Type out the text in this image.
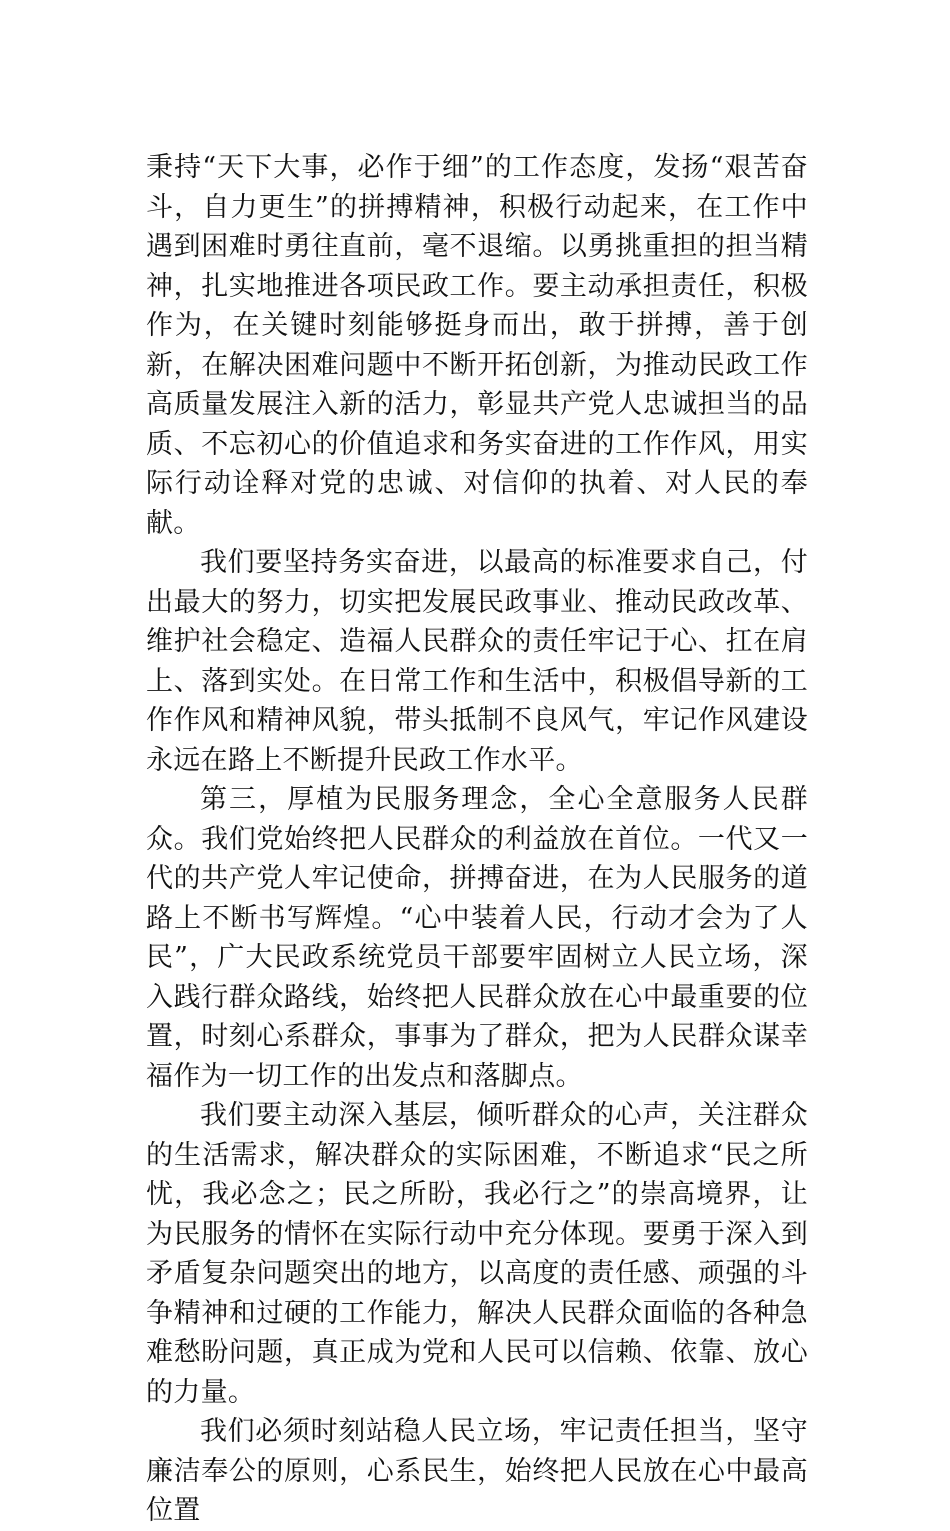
秉持“天下大事，必作于细”的工作态度，发扬“艰苦奋斗，自力更生”的拼搏精神，积极行动起来，在工作中遇到困难时勇往直前，毫不退缩。以勇挑重担的担当精神，扎实地推进各项民政工作。要主动承担责任，积极作为，在关键时刻能够挺身而出，敢于拼搏，善于创新，在解决困难问题中不断开拓创新，为推动民政工作高质量发展注入新的活力，彰显共产党人忠诚担当的品质、不忘初心的价值追求和务实奋进的工作作风，用实际行动诠释对党的忠诚、对信仰的执着、对人民的奉献。

我们要坚持务实奋进，以最高的标准要求自己，付出最大的努力，切实把发展民政事业、推动民政改革、维护社会稳定、造福人民群众的责任牢记于心、扛在肩上、落到实处。在日常工作和生活中，积极倡导新的工作作风和精神风貌，带头抵制不良风气，牢记作风建设永远在路上不断提升民政工作水平。

第三，厚植为民服务理念，全心全意服务人民群众。我们党始终把人民群众的利益放在首位。一代又一代的共产党人牢记使命，拼搏奋进，在为人民服务的道路上不断书写辉煌。“心中装着人民，行动才会为了人民”，广大民政系统党员干部要牢固树立人民立场，深入践行群众路线，始终把人民群众放在心中最重要的位置，时刻心系群众，事事为了群众，把为人民群众谋幸福作为一切工作的出发点和落脚点。

我们要主动深入基层，倾听群众的心声，关注群众的生活需求，解决群众的实际困难，不断追求“民之所忧，我必念之；民之所盼，我必行之”的崇高境界，让为民服务的情怀在实际行动中充分体现。要勇于深入到矛盾复杂问题突出的地方，以高度的责任感、顽强的斗争精神和过硬的工作能力，解决人民群众面临的各种急难愁盼问题，真正成为党和人民可以信赖、依靠、放心的力量。

我们必须时刻站稳人民立场，牢记责任担当，坚守廉洁奉公的原则，心系民生，始终把人民放在心中最高位置
